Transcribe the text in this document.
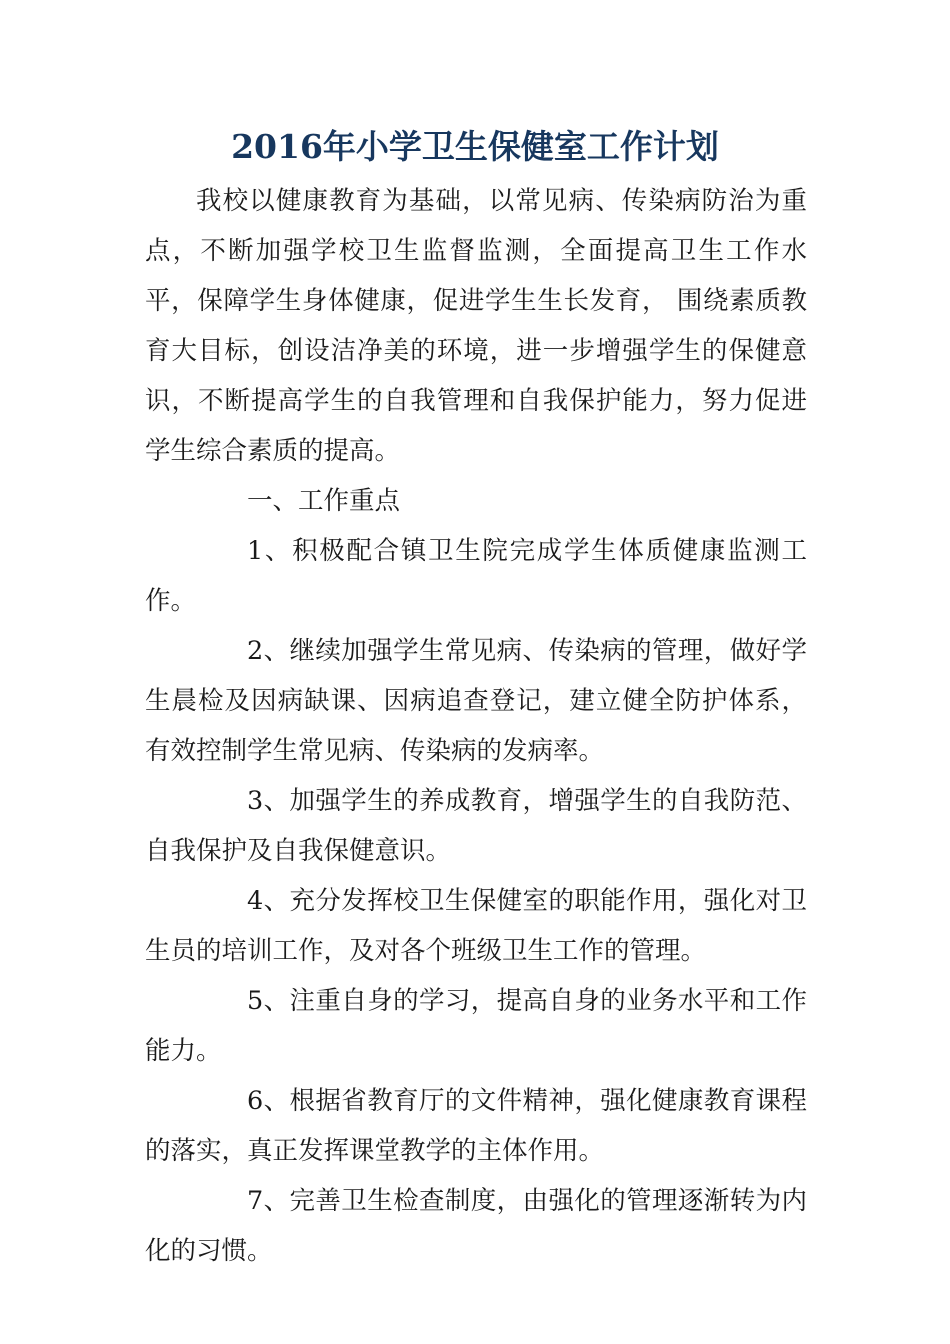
2016年小学卫生保健室工作计划

我校以健康教育为基础，以常见病、传染病防治为重点，不断加强学校卫生监督监测，全面提高卫生工作水平，保障学生身体健康，促进学生生长发育， 围绕素质教育大目标，创设洁净美的环境，进一步增强学生的保健意识，不断提高学生的自我管理和自我保护能力，努力促进学生综合素质的提高。

一、工作重点

1、积极配合镇卫生院完成学生体质健康监测工作。

2、继续加强学生常见病、传染病的管理，做好学生晨检及因病缺课、因病追查登记，建立健全防护体系，有效控制学生常见病、传染病的发病率。

3、加强学生的养成教育，增强学生的自我防范、自我保护及自我保健意识。

4、充分发挥校卫生保健室的职能作用，强化对卫生员的培训工作，及对各个班级卫生工作的管理。

5、注重自身的学习，提高自身的业务水平和工作能力。

6、根据省教育厅的文件精神，强化健康教育课程的落实，真正发挥课堂教学的主体作用。

7、完善卫生检查制度，由强化的管理逐渐转为内化的习惯。
